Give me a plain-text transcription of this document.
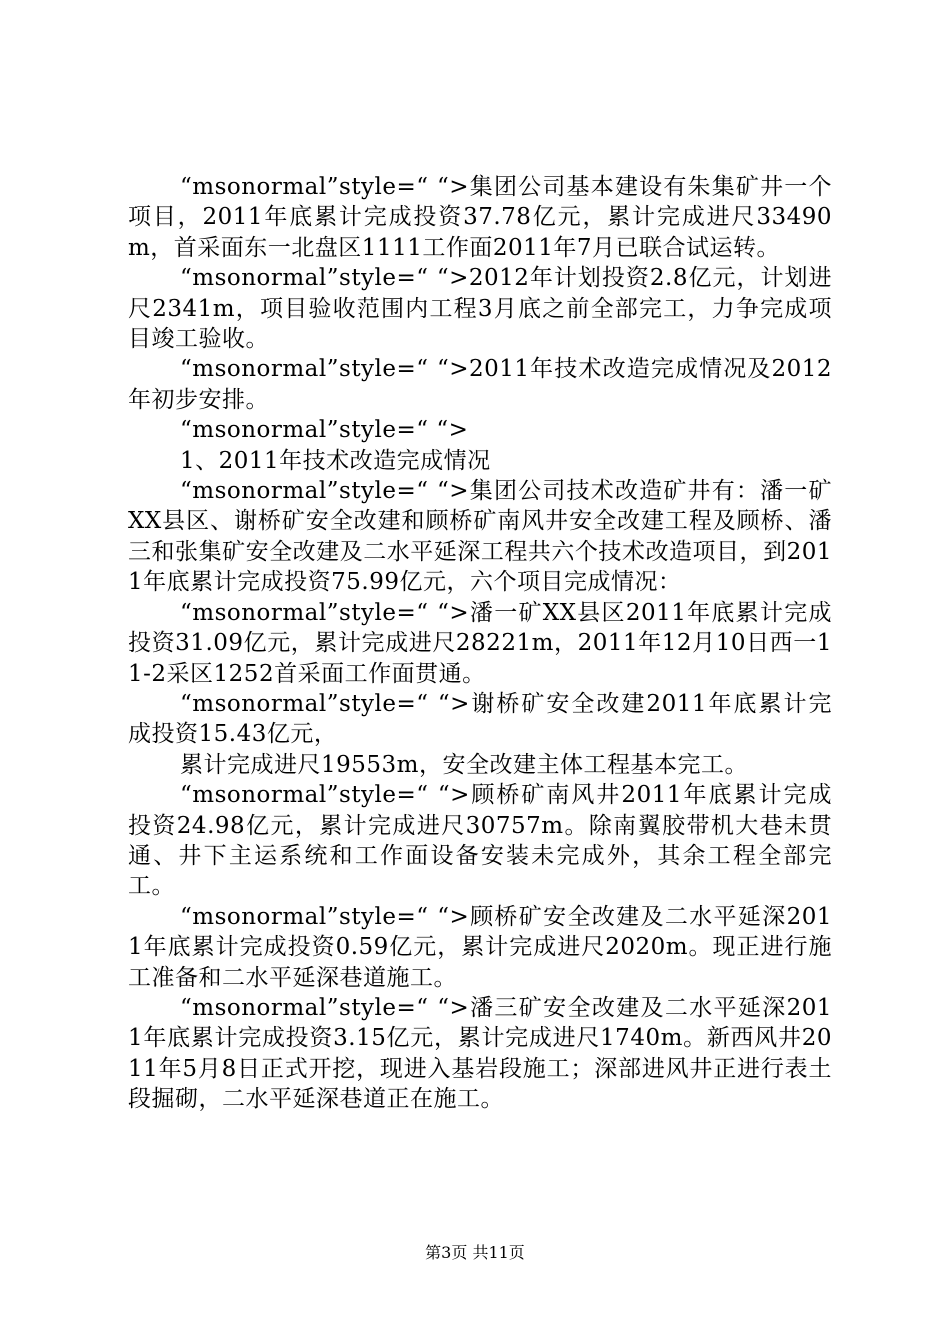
“msonormal”style=“ “>集团公司基本建设有朱集矿井一个项目，2011年底累计完成投资37.78亿元，累计完成进尺33490m，首采面东一北盘区1111工作面2011年7月已联合试运转。

“msonormal”style=“ “>2012年计划投资2.8亿元，计划进尺2341m，项目验收范围内工程3月底之前全部完工，力争完成项目竣工验收。

“msonormal”style=“ “>2011年技术改造完成情况及2012年初步安排。

“msonormal”style=“ “>

1、2011年技术改造完成情况

“msonormal”style=“ “>集团公司技术改造矿井有：潘一矿XX县区、谢桥矿安全改建和顾桥矿南风井安全改建工程及顾桥、潘三和张集矿安全改建及二水平延深工程共六个技术改造项目，到2011年底累计完成投资75.99亿元，六个项目完成情况：

“msonormal”style=“ “>潘一矿XX县区2011年底累计完成投资31.09亿元，累计完成进尺28221m，2011年12月10日西一11-2采区1252首采面工作面贯通。

“msonormal”style=“ “>谢桥矿安全改建2011年底累计完成投资15.43亿元，

累计完成进尺19553m，安全改建主体工程基本完工。

“msonormal”style=“ “>顾桥矿南风井2011年底累计完成投资24.98亿元，累计完成进尺30757m。除南翼胶带机大巷未贯通、井下主运系统和工作面设备安装未完成外，其余工程全部完工。

“msonormal”style=“ “>顾桥矿安全改建及二水平延深2011年底累计完成投资0.59亿元，累计完成进尺2020m。现正进行施工准备和二水平延深巷道施工。

“msonormal”style=“ “>潘三矿安全改建及二水平延深2011年底累计完成投资3.15亿元，累计完成进尺1740m。新西风井2011年5月8日正式开挖，现进入基岩段施工；深部进风井正进行表土段掘砌，二水平延深巷道正在施工。

第3页 共11页
